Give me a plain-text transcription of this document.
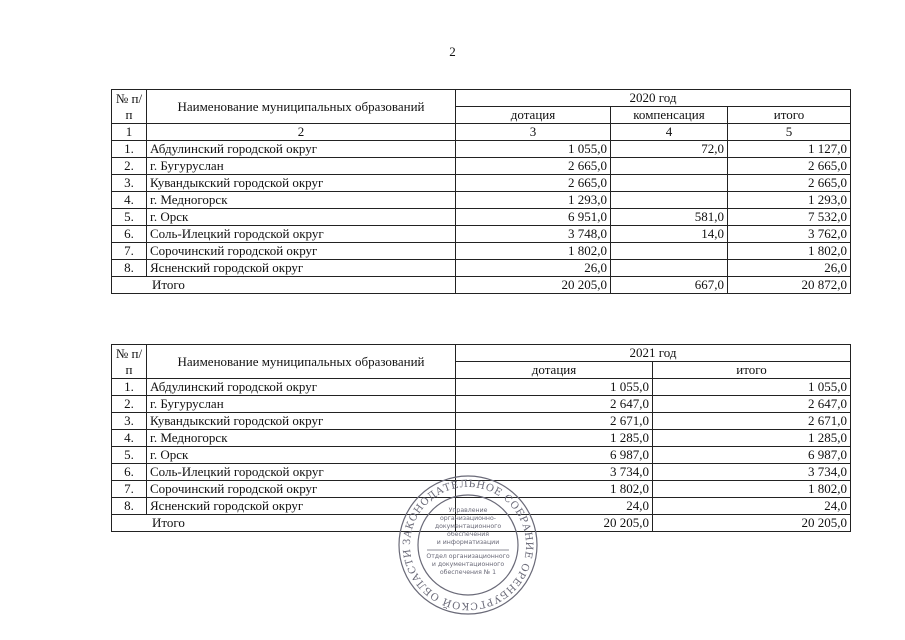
2
№ п/п	Наименование муниципальных образований	2020 год		
		дотация	компенсация	итого
1	2	3	4	5
1.	Абдулинский городской округ	1 055,0	72,0	1 127,0
2.	г. Бугуруслан	2 665,0		2 665,0
3.	Кувандыкский городской округ	2 665,0		2 665,0
4.	г. Медногорск	1 293,0		1 293,0
5.	г. Орск	6 951,0	581,0	7 532,0
6.	Соль-Илецкий городской округ	3 748,0	14,0	3 762,0
7.	Сорочинский городской округ	1 802,0		1 802,0
8.	Ясненский городской округ	26,0		26,0
Итого		20 205,0	667,0	20 872,0
№ п/п	Наименование муниципальных образований	2021 год	
		дотация	итого
1.	Абдулинский городской округ	1 055,0	1 055,0
2.	г. Бугуруслан	2 647,0	2 647,0
3.	Кувандыкский городской округ	2 671,0	2 671,0
4.	г. Медногорск	1 285,0	1 285,0
5.	г. Орск	6 987,0	6 987,0
6.	Соль-Илецкий городской округ	3 734,0	3 734,0
7.	Сорочинский городской округ	1 802,0	1 802,0
8.	Ясненский городской округ	24,0	24,0
Итого		20 205,0	20 205,0
ЗАКОНОДАТЕЛЬНОЕ СОБРАНИЕ ОРЕНБУРГСКОЙ ОБЛАСТИ
Управление
организационно-
документационного
обеспечения
и информатизации
Отдел организационного
и документационного
обеспечения № 1
